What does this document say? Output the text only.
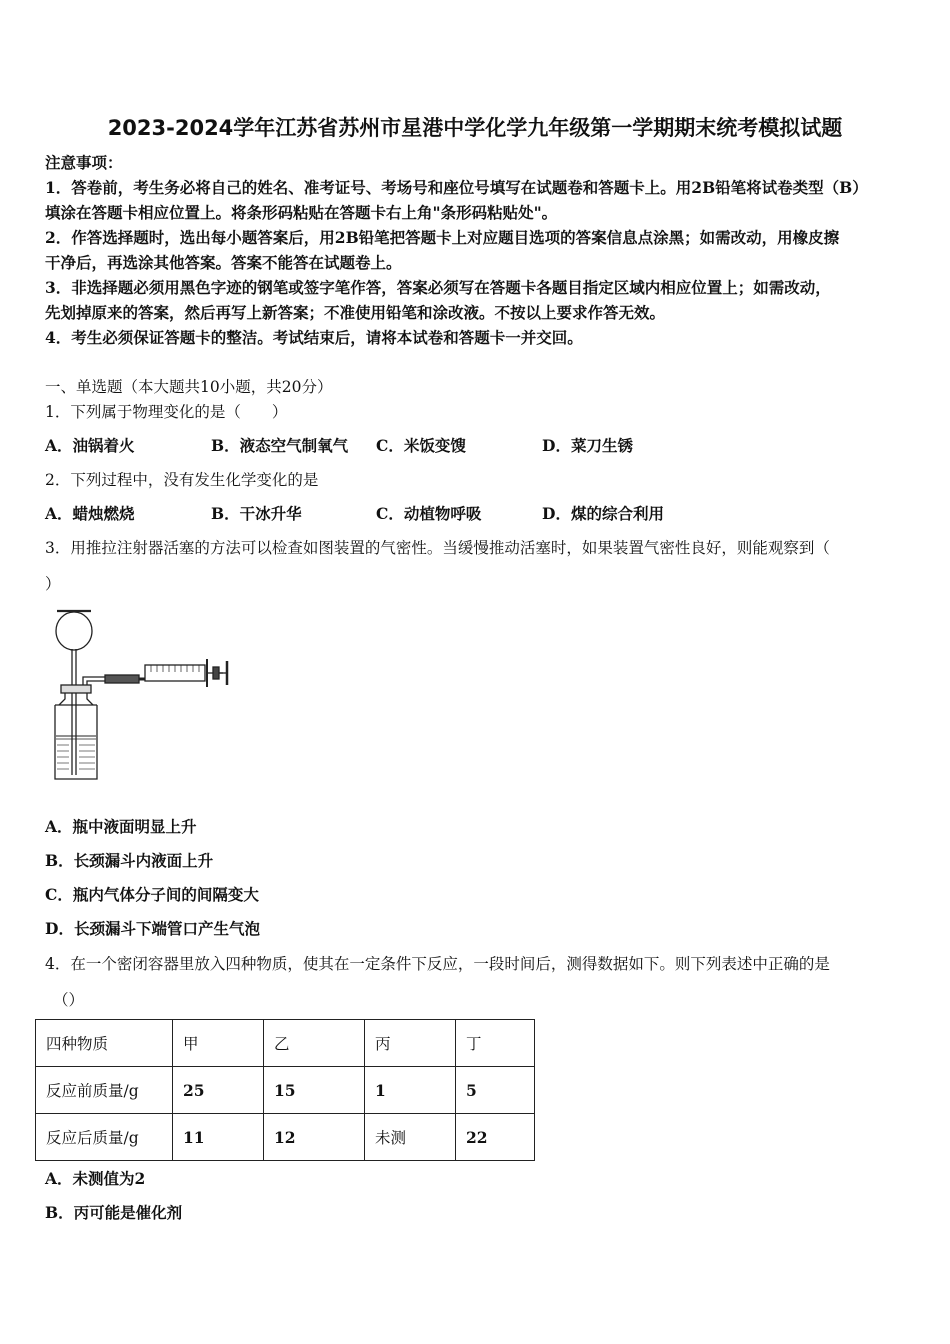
2023-2024学年江苏省苏州市星港中学化学九年级第一学期期末统考模拟试题
注意事项：
1．答卷前，考生务必将自己的姓名、准考证号、考场号和座位号填写在试题卷和答题卡上。用2B铅笔将试卷类型（B）
填涂在答题卡相应位置上。将条形码粘贴在答题卡右上角"条形码粘贴处"。
2．作答选择题时，选出每小题答案后，用2B铅笔把答题卡上对应题目选项的答案信息点涂黑；如需改动，用橡皮擦
干净后，再选涂其他答案。答案不能答在试题卷上。
3．非选择题必须用黑色字迹的钢笔或签字笔作答，答案必须写在答题卡各题目指定区域内相应位置上；如需改动，
先划掉原来的答案，然后再写上新答案；不准使用铅笔和涂改液。不按以上要求作答无效。
4．考生必须保证答题卡的整洁。考试结束后，请将本试卷和答题卡一并交回。
一、单选题（本大题共10小题，共20分）
1．下列属于物理变化的是（　　）
A．油锅着火	B．液态空气制氧气 C．米饭变馊	D．菜刀生锈
2．下列过程中，没有发生化学变化的是
A．蜡烛燃烧	B．干冰升华	C．动植物呼吸	D．煤的综合利用
3．用推拉注射器活塞的方法可以检查如图装置的气密性。当缓慢推动活塞时，如果装置气密性良好，则能观察到（
）
A．瓶中液面明显上升
B．长颈漏斗内液面上升
C．瓶内气体分子间的间隔变大
D．长颈漏斗下端管口产生气泡
4．在一个密闭容器里放入四种物质，使其在一定条件下反应，一段时间后，测得数据如下。则下列表述中正确的是
（）
四种物质	甲	乙	丙	丁
反应前质量/g	25	15	1	5
反应后质量/g	11	12	未测	22
A．未测值为2
B．丙可能是催化剂
